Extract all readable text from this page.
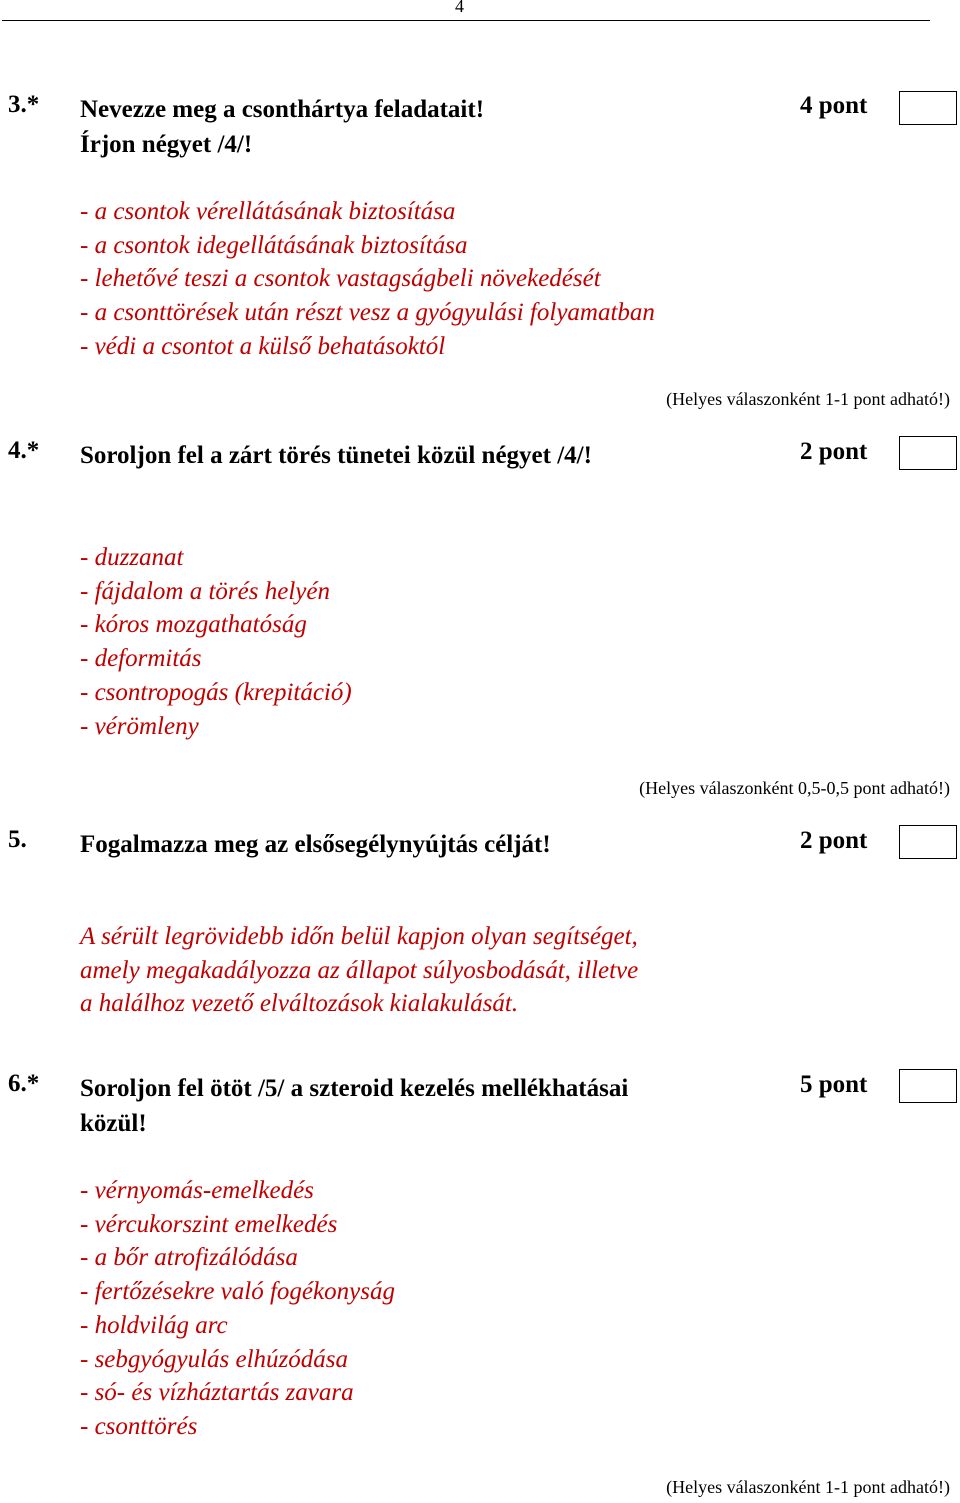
4
3.* Nevezze meg a csonthártya feladatait!
Írjon négyet /4/!
4 pont
- a csontok vérellátásának biztosítása
- a csontok idegellátásának biztosítása
- lehetővé teszi a csontok vastagságbeli növekedését
- a csonttörések után részt vesz a gyógyulási folyamatban
- védi a csontot a külső behatásoktól
(Helyes válaszonként 1-1 pont adható!)
4.* Soroljon fel a zárt törés tünetei közül négyet /4/!	2 pont
- duzzanat
- fájdalom a törés helyén
- kóros mozgathatóság
- deformitás
- csontropogás (krepitáció)
- vérömleny
(Helyes válaszonként 0,5-0,5 pont adható!)
5. Fogalmazza meg az elsősegélynyújtás célját!	2 pont
A sérült legrövidebb időn belül kapjon olyan segítséget,
amely megakadályozza az állapot súlyosbodását, illetve
a halálhoz vezető elváltozások kialakulását.
6.* Soroljon fel ötöt /5/ a szteroid kezelés mellékhatásai
közül!
5 pont
- vérnyomás-emelkedés
- vércukorszint emelkedés
- a bőr atrofizálódása
- fertőzésekre való fogékonyság
- holdvilág arc
- sebgyógyulás elhúzódása
- só- és vízháztartás zavara
- csonttörés
(Helyes válaszonként 1-1 pont adható!)
